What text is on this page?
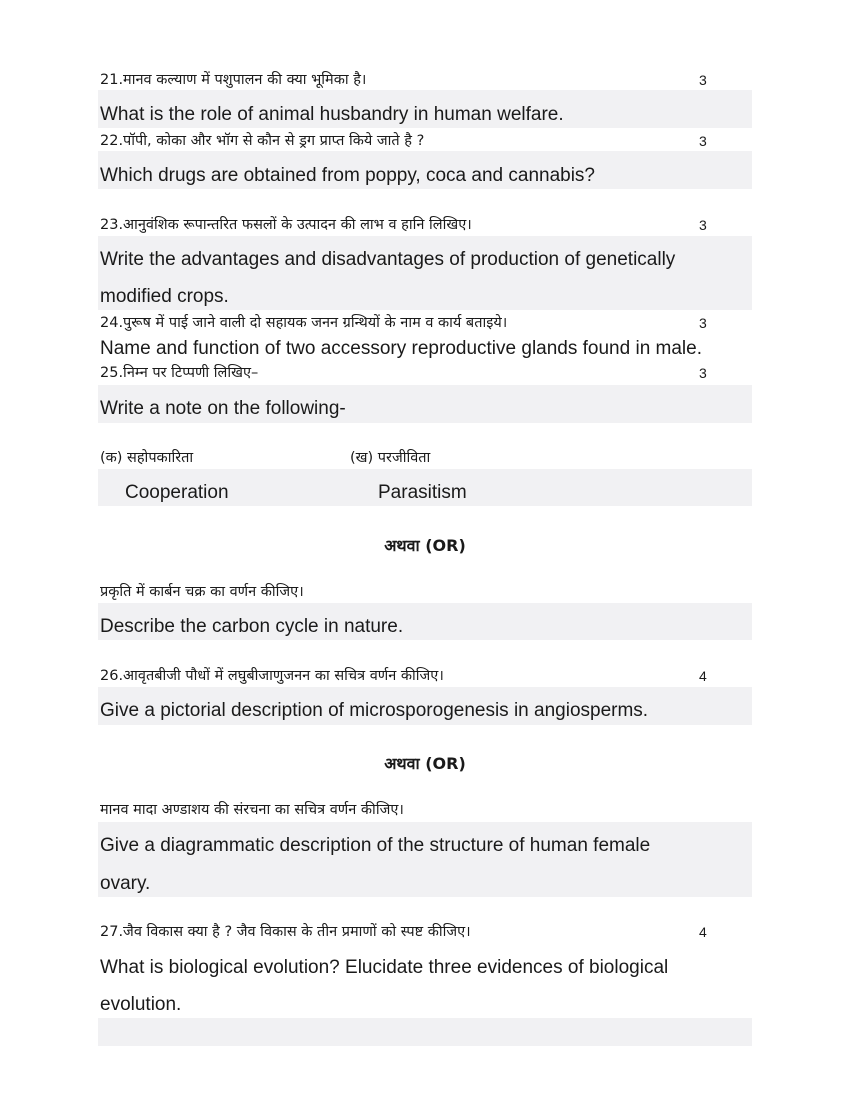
21.मानव कल्याण में पशुपालन की क्या भूमिका है।	3
What is the role of animal husbandry in human welfare.
22.पॉपी, कोका और भॉग से कौन से ड्रग प्राप्त किये जाते है ?	3
Which drugs are obtained from poppy, coca and cannabis?
23.आनुवंशिक रूपान्तरित फसलों के उत्पादन की लाभ व हानि लिखिए।	3
Write the advantages and disadvantages of production of genetically
modified crops.
24.पुरूष में पाई जाने वाली दो सहायक जनन ग्रन्थियों के नाम व कार्य बताइये।	3
Name and function of two accessory reproductive glands found in male.
25.निम्न पर टिप्पणी लिखिए–	3
Write a note on the following-
(क) सहोपकारिता	(ख) परजीविता
Cooperation	Parasitism
अथवा (OR)
प्रकृति में कार्बन चक्र का वर्णन कीजिए।
Describe the carbon cycle in nature.
26.आवृतबीजी पौधों में लघुबीजाणुजनन का सचित्र वर्णन कीजिए।	4
Give a pictorial description of microsporogenesis in angiosperms.
अथवा (OR)
मानव मादा अण्डाशय की संरचना का सचित्र वर्णन कीजिए।
Give a diagrammatic description of the structure of human female
ovary.
27.जैव विकास क्या है ? जैव विकास के तीन प्रमाणों को स्पष्ट कीजिए।	4
What is biological evolution? Elucidate three evidences of biological
evolution.
